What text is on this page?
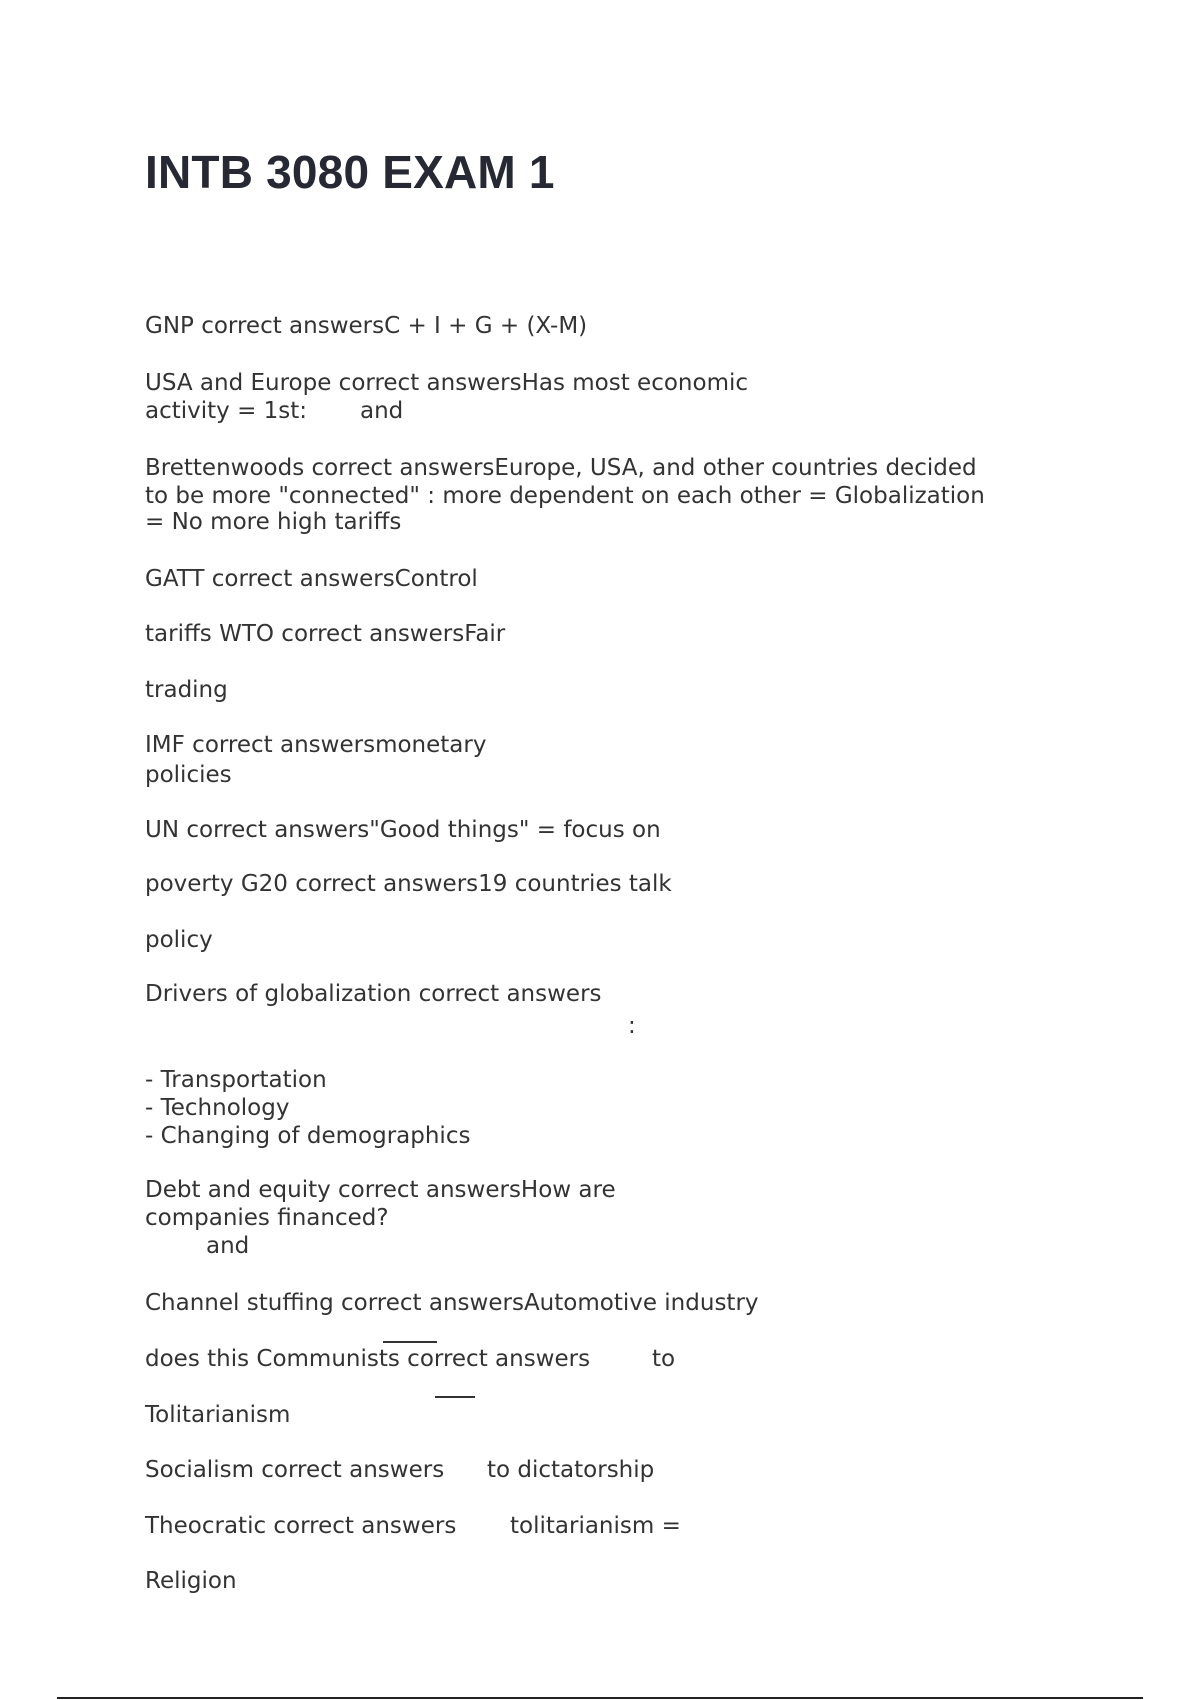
INTB 3080 EXAM 1
GNP correct answersC + I + G + (X-M)
USA and Europe correct answersHas most economic
activity = 1st: and
Brettenwoods correct answersEurope, USA, and other countries decided
to be more "connected" : more dependent on each other = Globalization
= No more high tariffs
GATT correct answersControl
tariffs WTO correct answersFair
trading
IMF correct answersmonetary
policies
UN correct answers"Good things" = focus on
poverty G20 correct answers19 countries talk
policy
Drivers of globalization correct answers
:
- Transportation
- Technology
- Changing of demographics
Debt and equity correct answersHow are
companies financed?
and
Channel stuffing correct answersAutomotive industry
does this Communists correct answers	to
Tolitarianism
Socialism correct answers to dictatorship
Theocratic correct answers tolitarianism =
Religion
